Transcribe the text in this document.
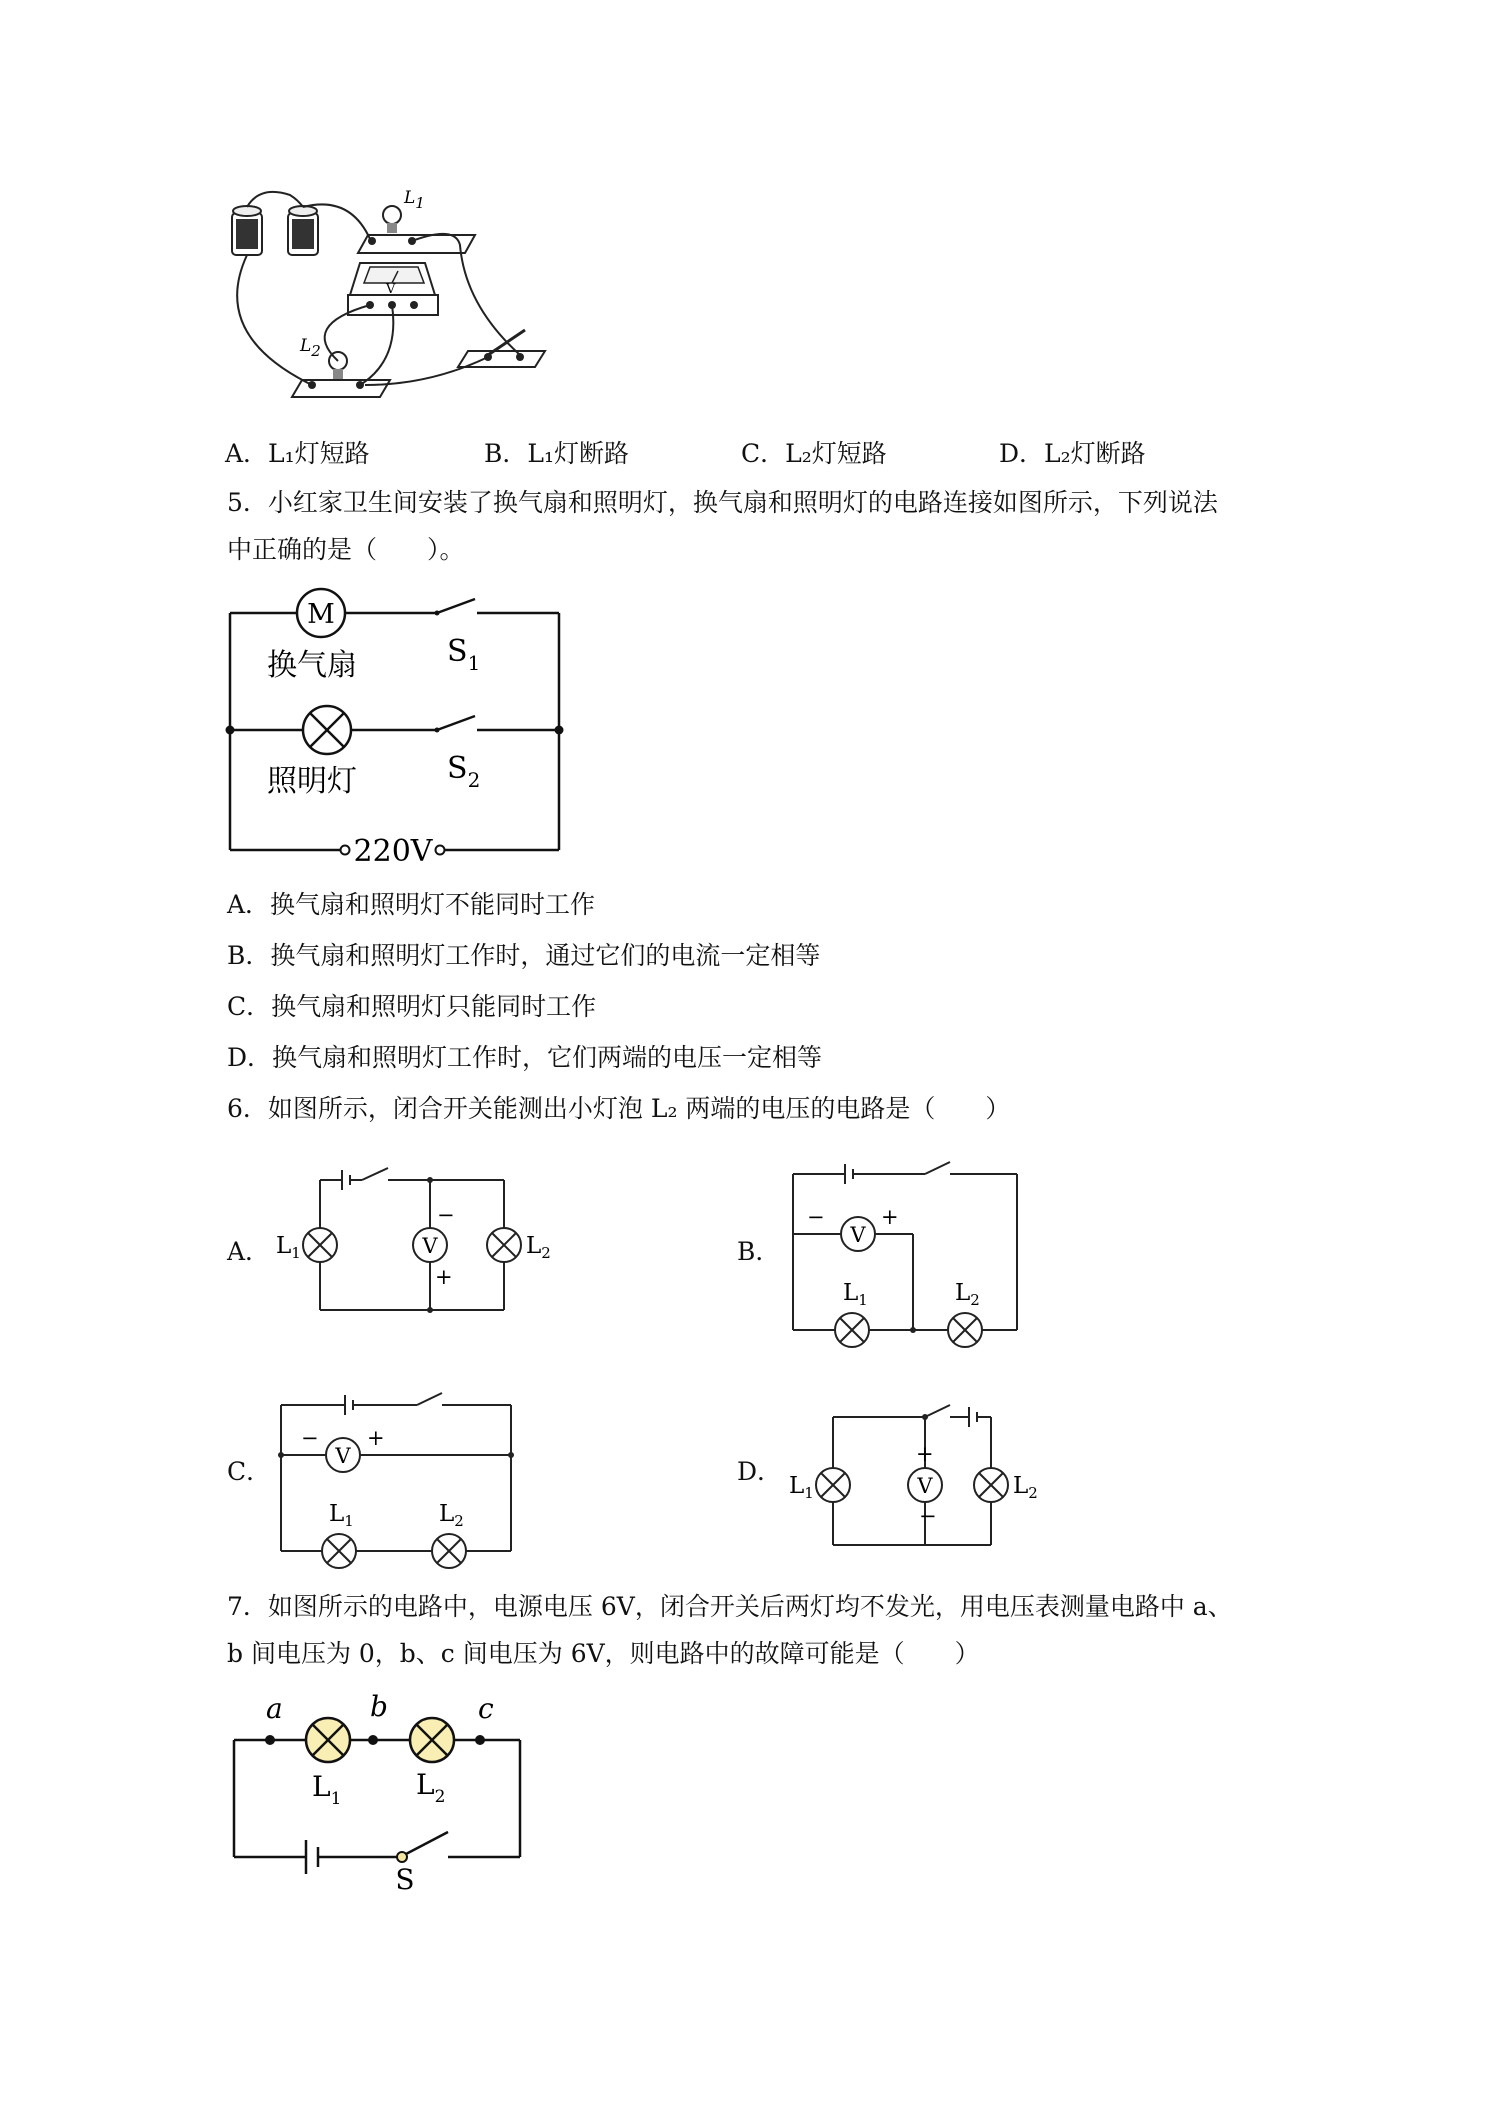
V
L1
L2
A．L₁灯短路	B．L₁灯断路	C．L₂灯短路	D．L₂灯断路
5．小红家卫生间安装了换气扇和照明灯，换气扇和照明灯的电路连接如图所示，下列说法
中正确的是（　　）。
M
换气扇
照明灯
$S_1$
$S_2$
220V
A．换气扇和照明灯不能同时工作
B．换气扇和照明灯工作时，通过它们的电流一定相等
C．换气扇和照明灯只能同时工作
D．换气扇和照明灯工作时，它们两端的电压一定相等
6．如图所示，闭合开关能测出小灯泡 L₂ 两端的电压的电路是（　　）
A．	B．
C．	D．
V
−
+
$L_1$	$L_2$
V
−	+
$L_1$	$L_2$
V
− +
$L_1$	$L_2$
V
+
−
$L_1$	$L_2$
7．如图所示的电路中，电源电压 6V，闭合开关后两灯均不发光，用电压表测量电路中 a、
b 间电压为 0，b、c 间电压为 6V，则电路中的故障可能是（　　）
a	b	c
$L_1$	$L_2$
S
